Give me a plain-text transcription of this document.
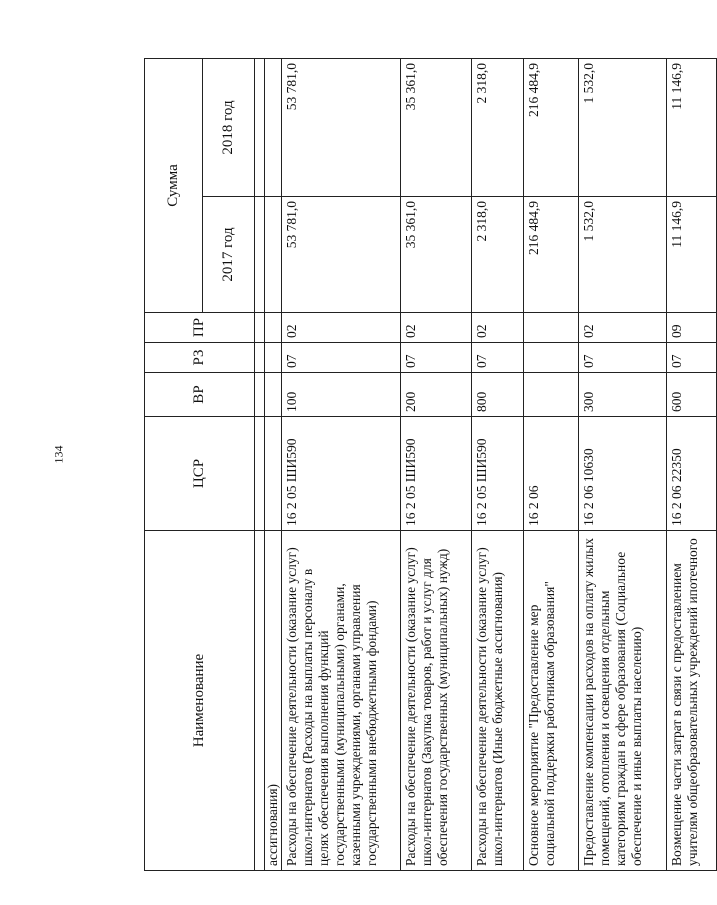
134
Наименование	ЦСР	ВР	РЗ	ПР	Сумма	
					2017 год	2018 год

ассигнования)						
Расходы на обеспечение деятельности (оказание услуг) школ-интернатов (Расходы на выплаты персоналу в целях обеспечения выполнения функций государственными (муниципальными) органами, казенными учреждениями, органами управления государственными внебюджетными фондами)	16 2 05 ШИ590	100	07	02	53 781,0	53 781,0
Расходы на обеспечение деятельности (оказание услуг) школ-интернатов (Закупка товаров, работ и услуг для обеспечения государственных (муниципальных) нужд)	16 2 05 ШИ590	200	07	02	35 361,0	35 361,0
Расходы на обеспечение деятельности (оказание услуг) школ-интернатов (Иные бюджетные ассигнования)	16 2 05 ШИ590	800	07	02	2 318,0	2 318,0
Основное мероприятие "Предоставление мер социальной поддержки работникам образования"	16 2 06				216 484,9	216 484,9
Предоставление компенсации расходов на оплату жилых помещений, отопления и освещения отдельным категориям граждан в сфере образования (Социальное обеспечение и иные выплаты населению)	16 2 06 10630	300	07	02	1 532,0	1 532,0
Возмещение части затрат в связи с предоставлением учителям общеобразовательных учреждений ипотечного	16 2 06 22350	600	07	09	11 146,9	11 146,9
